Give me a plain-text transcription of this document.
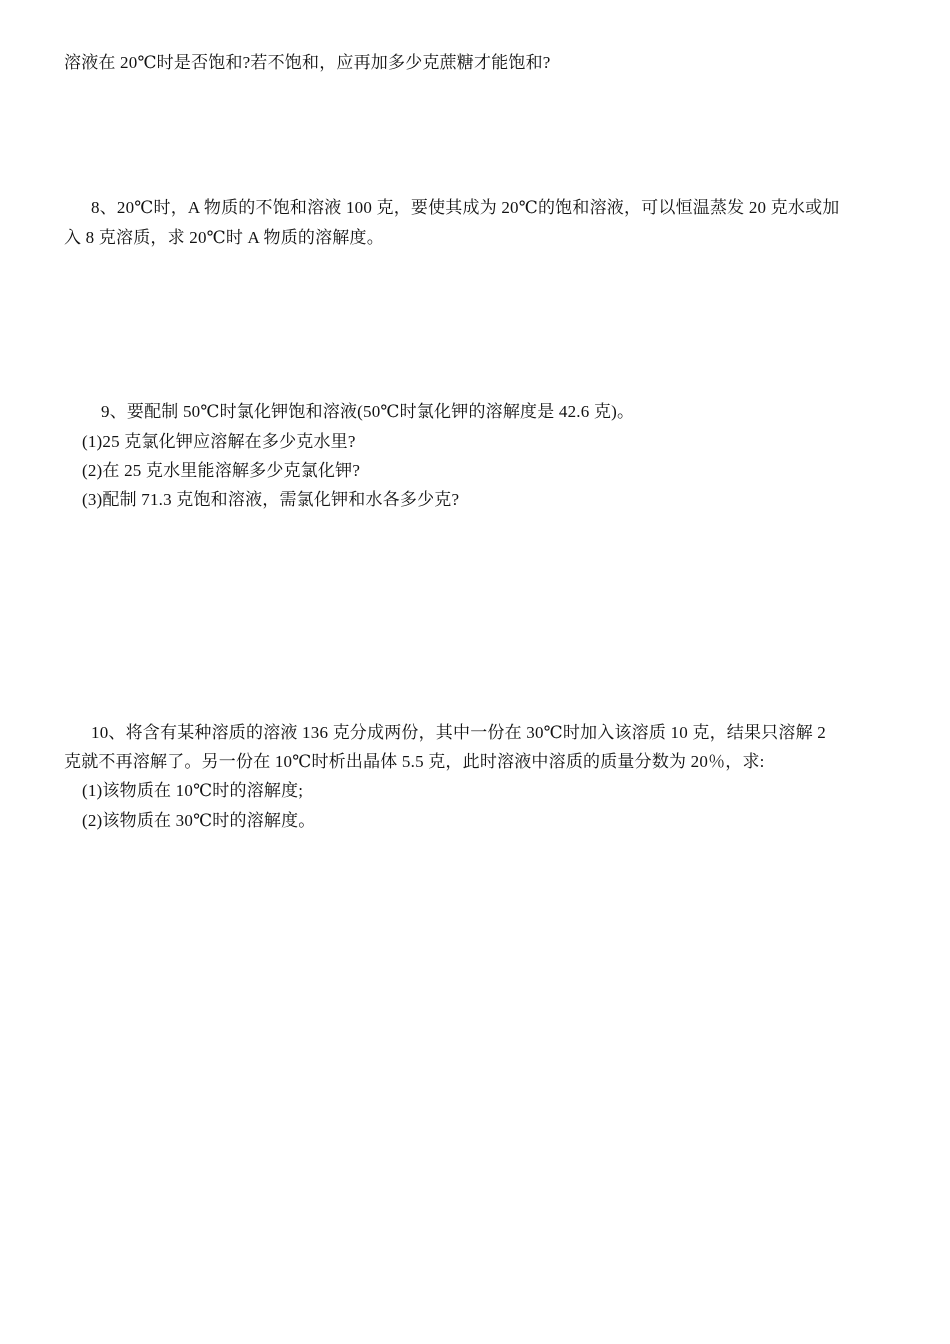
溶液在 20℃时是否饱和?若不饱和，应再加多少克蔗糖才能饱和?
8、20℃时，A 物质的不饱和溶液 100 克，要使其成为 20℃的饱和溶液，可以恒温蒸发 20 克水或加
入 8 克溶质，求 20℃时 A 物质的溶解度。
9、要配制 50℃时氯化钾饱和溶液(50℃时氯化钾的溶解度是 42.6 克)。
(1)25 克氯化钾应溶解在多少克水里?
(2)在 25 克水里能溶解多少克氯化钾?
(3)配制 71.3 克饱和溶液，需氯化钾和水各多少克?
10、将含有某种溶质的溶液 136 克分成两份，其中一份在 30℃时加入该溶质 10 克，结果只溶解 2
克就不再溶解了。另一份在 10℃时析出晶体 5.5 克，此时溶液中溶质的质量分数为 20％，求:
(1)该物质在 10℃时的溶解度;
(2)该物质在 30℃时的溶解度。
